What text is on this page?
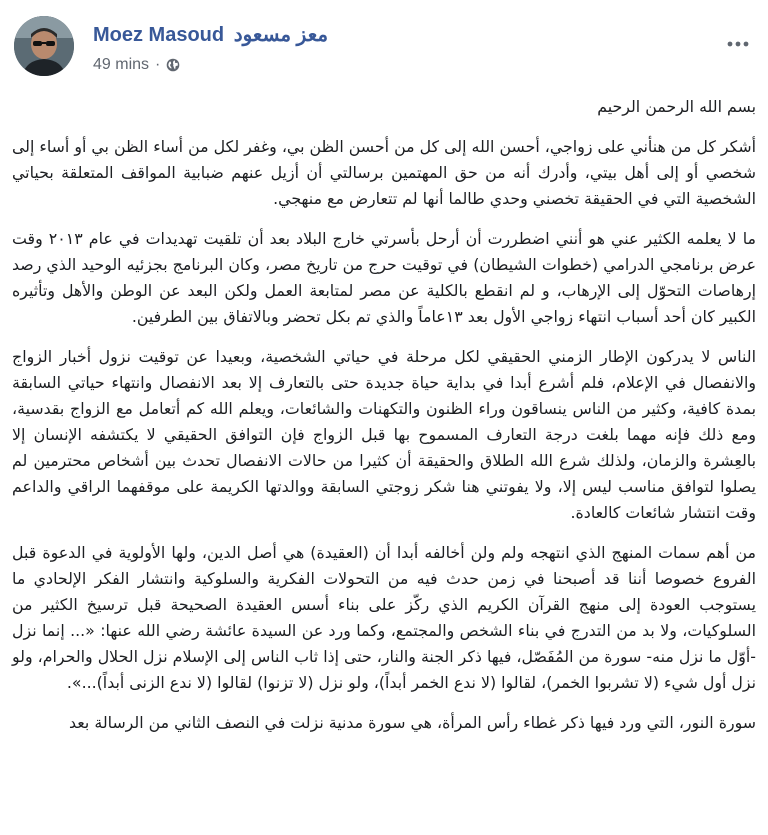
Moez Masoud معز مسعود
49 mins ·

بسم الله الرحمن الرحيم

أشكر كل من هنأني على زواجي، أحسن الله إلى كل من أحسن الظن بي، وغفر لكل من أساء الظن بي أو أساء إلى شخصي أو إلى أهل بيتي، وأدرك أنه من حق المهتمين برسالتي أن أزيل عنهم ضبابية المواقف المتعلقة بحياتي الشخصية التي في الحقيقة تخصني وحدي طالما أنها لم تتعارض مع منهجي.

ما لا يعلمه الكثير عني هو أنني اضطررت أن أرحل بأسرتي خارج البلاد بعد أن تلقيت تهديدات في عام ٢٠١٣ وقت عرض برنامجي الدرامي (خطوات الشيطان) في توقيت حرج من تاريخ مصر، وكان البرنامج بجزئيه الوحيد الذي رصد إرهاصات التحوّل إلى الإرهاب، و لم انقطع بالكلية عن مصر لمتابعة العمل ولكن البعد عن الوطن والأهل وتأثيره الكبير كان أحد أسباب انتهاء زواجي الأول بعد ١٣عاماً والذي تم بكل تحضر وبالاتفاق بين الطرفين.

الناس لا يدركون الإطار الزمني الحقيقي لكل مرحلة في حياتي الشخصية، وبعيدا عن توقيت نزول أخبار الزواج والانفصال في الإعلام، فلم أشرع أبدا في بداية حياة جديدة حتى بالتعارف إلا بعد الانفصال وانتهاء حياتي السابقة بمدة كافية، وكثير من الناس ينساقون وراء الظنون والتكهنات والشائعات، ويعلم الله كم أتعامل مع الزواج بقدسية، ومع ذلك فإنه مهما بلغت درجة التعارف المسموح بها قبل الزواج فإن التوافق الحقيقي لا يكتشفه الإنسان إلا بالعِشرة والزمان، ولذلك شرع الله الطلاق والحقيقة أن كثيرا من حالات الانفصال تحدث بين أشخاص محترمين لم يصلوا لتوافق مناسب ليس إلا، ولا يفوتني هنا شكر زوجتي السابقة ووالدتها الكريمة على موقفهما الراقي والداعم وقت انتشار شائعات كالعادة.

من أهم سمات المنهج الذي انتهجه ولم ولن أخالفه أبدا أن (العقيدة) هي أصل الدين، ولها الأولوية في الدعوة قبل الفروع خصوصا أننا قد أصبحنا في زمن حدث فيه من التحولات الفكرية والسلوكية وانتشار الفكر الإلحادي ما يستوجب العودة إلى منهج القرآن الكريم الذي ركّز على بناء أسس العقيدة الصحيحة قبل ترسيخ الكثير من السلوكيات، ولا بد من التدرج في بناء الشخص والمجتمع، وكما ورد عن السيدة عائشة رضي الله عنها: «... إنما نزل -أوّل ما نزل منه- سورة من المُفَصّل، فيها ذكر الجنة والنار، حتى إذا ثاب الناس إلى الإسلام نزل الحلال والحرام، ولو نزل أول شيء (لا تشربوا الخمر)، لقالوا (لا ندع الخمر أبداً)، ولو نزل (لا تزنوا) لقالوا (لا ندع الزنى أبداً)...».

سورة النور، التي ورد فيها ذكر غطاء رأس المرأة، هي سورة مدنية نزلت في النصف الثاني من الرسالة بعد
